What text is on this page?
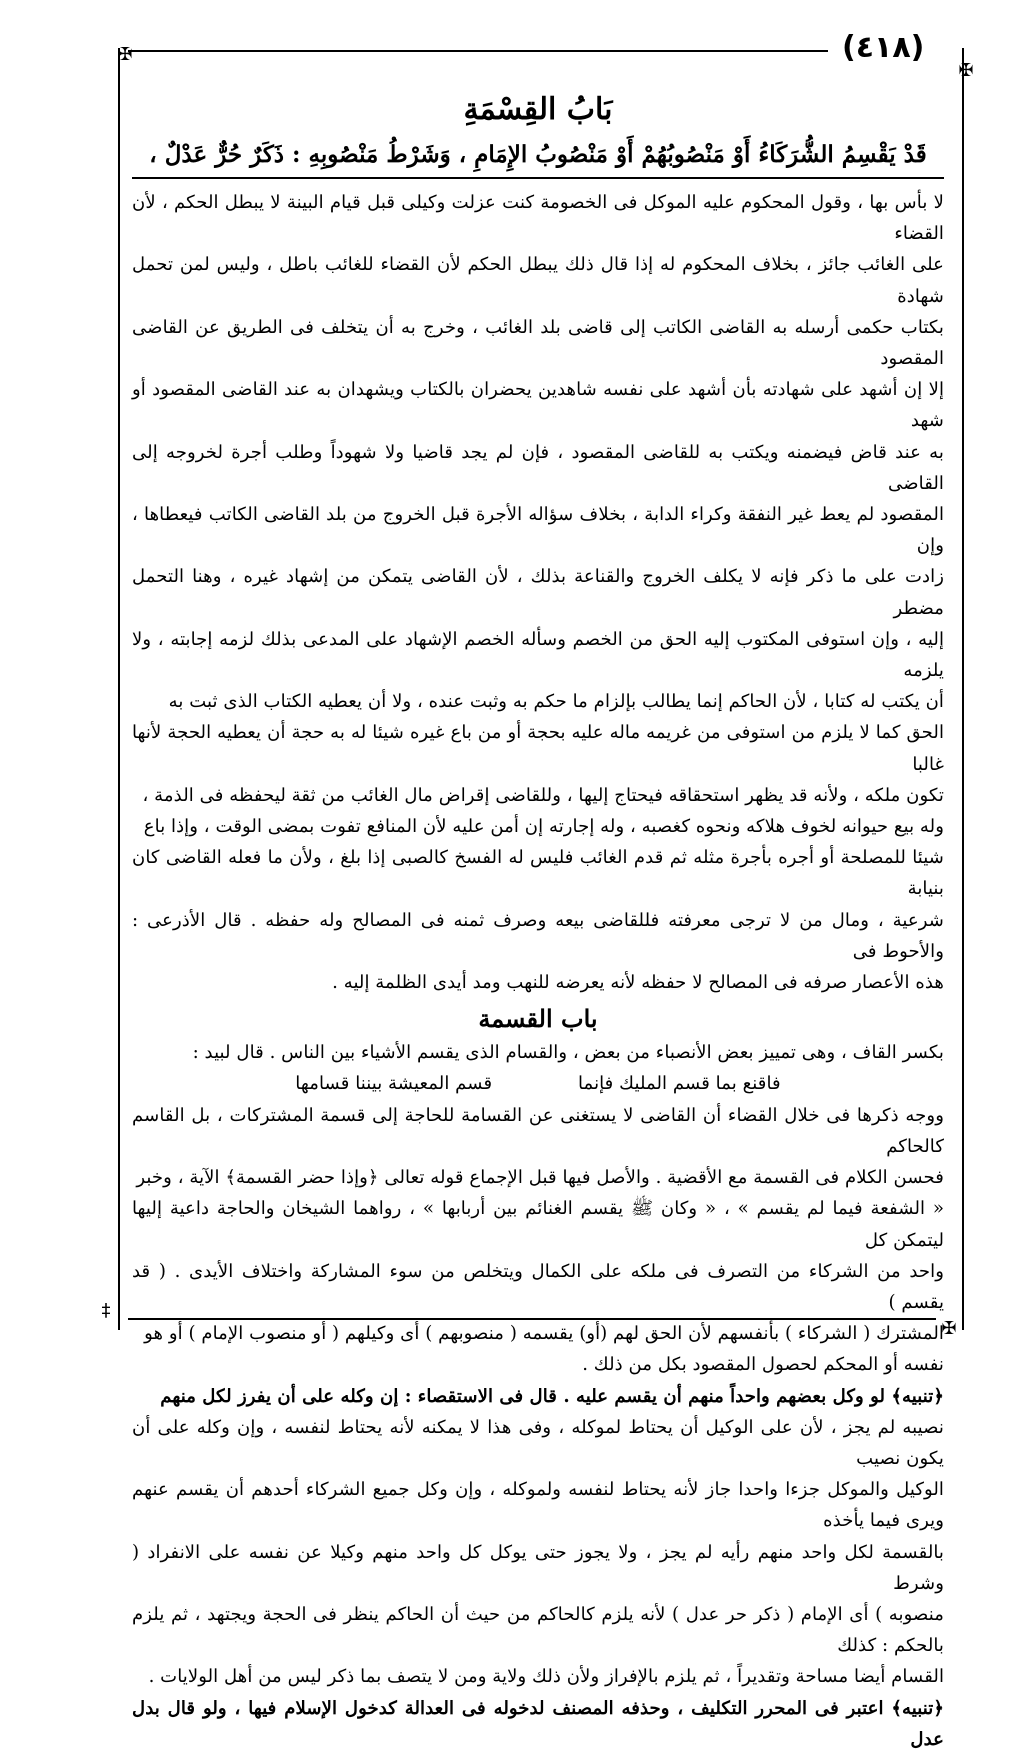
✠
✠
✠
‡
(٤١٨)
بَابُ القِسْمَةِ
قَدْ يَقْسِمُ الشُّرَكَاءُ أَوْ مَنْصُوبُهُمْ أَوْ مَنْصُوبُ الإِمَامِ ، وَشَرْطُ مَنْصُوبِهِ : ذَكَرٌ حُرٌّ عَدْلٌ ،

لا بأس بها ، وقول المحكوم عليه الموكل فى الخصومة كنت عزلت وكيلى قبل قيام البينة لا يبطل الحكم ، لأن القضاء

على الغائب جائز ، بخلاف المحكوم له إذا قال ذلك يبطل الحكم لأن القضاء للغائب باطل ، وليس لمن تحمل شهادة

بكتاب حكمى أرسله به القاضى الكاتب إلى قاضى بلد الغائب ، وخرج به أن يتخلف فى الطريق عن القاضى المقصود

إلا إن أشهد على شهادته بأن أشهد على نفسه شاهدين يحضران بالكتاب ويشهدان به عند القاضى المقصود أو شهد

به عند قاض فيضمنه ويكتب به للقاضى المقصود ، فإن لم يجد قاضيا ولا شهوداً وطلب أجرة لخروجه إلى القاضى

المقصود لم يعط غير النفقة وكراء الدابة ، بخلاف سؤاله الأجرة قبل الخروج من بلد القاضى الكاتب فيعطاها ، وإن

زادت على ما ذكر فإنه لا يكلف الخروج والقناعة بذلك ، لأن القاضى يتمكن من إشهاد غيره ، وهنا التحمل مضطر

إليه ، وإن استوفى المكتوب إليه الحق من الخصم وسأله الخصم الإشهاد على المدعى بذلك لزمه إجابته ، ولا يلزمه

أن يكتب له كتابا ، لأن الحاكم إنما يطالب بإلزام ما حكم به وثبت عنده ، ولا أن يعطيه الكتاب الذى ثبت به

الحق كما لا يلزم من استوفى من غريمه ماله عليه بحجة أو من باع غيره شيئا له به حجة أن يعطيه الحجة لأنها غالبا

تكون ملكه ، ولأنه قد يظهر استحقاقه فيحتاج إليها ، وللقاضى إقراض مال الغائب من ثقة ليحفظه فى الذمة ،

وله بيع حيوانه لخوف هلاكه ونحوه كغصبه ، وله إجارته إن أمن عليه لأن المنافع تفوت بمضى الوقت ، وإذا باع

شيئا للمصلحة أو أجره بأجرة مثله ثم قدم الغائب فليس له الفسخ كالصبى إذا بلغ ، ولأن ما فعله القاضى كان بنيابة

شرعية ، ومال من لا ترجى معرفته فللقاضى بيعه وصرف ثمنه فى المصالح وله حفظه . قال الأذرعى : والأحوط فى

هذه الأعصار صرفه فى المصالح لا حفظه لأنه يعرضه للنهب ومد أيدى الظلمة إليه .

باب القسمة

بكسر القاف ، وهى تمييز بعض الأنصباء من بعض ، والقسام الذى يقسم الأشياء بين الناس . قال لبيد :

فاقنع بما قسم المليك فإنما قسم المعيشة بيننا قسامها

ووجه ذكرها فى خلال القضاء أن القاضى لا يستغنى عن القسامة للحاجة إلى قسمة المشتركات ، بل القاسم كالحاكم

فحسن الكلام فى القسمة مع الأقضية . والأصل فيها قبل الإجماع قوله تعالى ﴿وإذا حضر القسمة﴾ الآية ، وخبر

« الشفعة فيما لم يقسم » ، « وكان ﷺ يقسم الغنائم بين أربابها » ، رواهما الشيخان والحاجة داعية إليها ليتمكن كل

واحد من الشركاء من التصرف فى ملكه على الكمال ويتخلص من سوء المشاركة واختلاف الأيدى . ( قد يقسم )

المشترك ( الشركاء ) بأنفسهم لأن الحق لهم (أو) يقسمه ( منصوبهم ) أى وكيلهم ( أو منصوب الإمام ) أو هو

نفسه أو المحكم لحصول المقصود بكل من ذلك .

﴿تنبيه﴾ لو وكل بعضهم واحداً منهم أن يقسم عليه . قال فى الاستقصاء : إن وكله على أن يفرز لكل منهم

نصيبه لم يجز ، لأن على الوكيل أن يحتاط لموكله ، وفى هذا لا يمكنه لأنه يحتاط لنفسه ، وإن وكله على أن يكون نصيب

الوكيل والموكل جزءا واحدا جاز لأنه يحتاط لنفسه ولموكله ، وإن وكل جميع الشركاء أحدهم أن يقسم عنهم ويرى فيما يأخذه

بالقسمة لكل واحد منهم رأيه لم يجز ، ولا يجوز حتى يوكل كل واحد منهم وكيلا عن نفسه على الانفراد ( وشرط

منصوبه ) أى الإمام ( ذكر حر عدل ) لأنه يلزم كالحاكم من حيث أن الحاكم ينظر فى الحجة ويجتهد ، ثم يلزم بالحكم : كذلك

القسام أيضا مساحة وتقديراً ، ثم يلزم بالإفراز ولأن ذلك ولاية ومن لا يتصف بما ذكر ليس من أهل الولايات .

﴿تنبيه﴾ اعتبر فى المحرر التكليف ، وحذفه المصنف لدخوله فى العدالة كدخول الإسلام فيها ، ولو قال بدل عدل
